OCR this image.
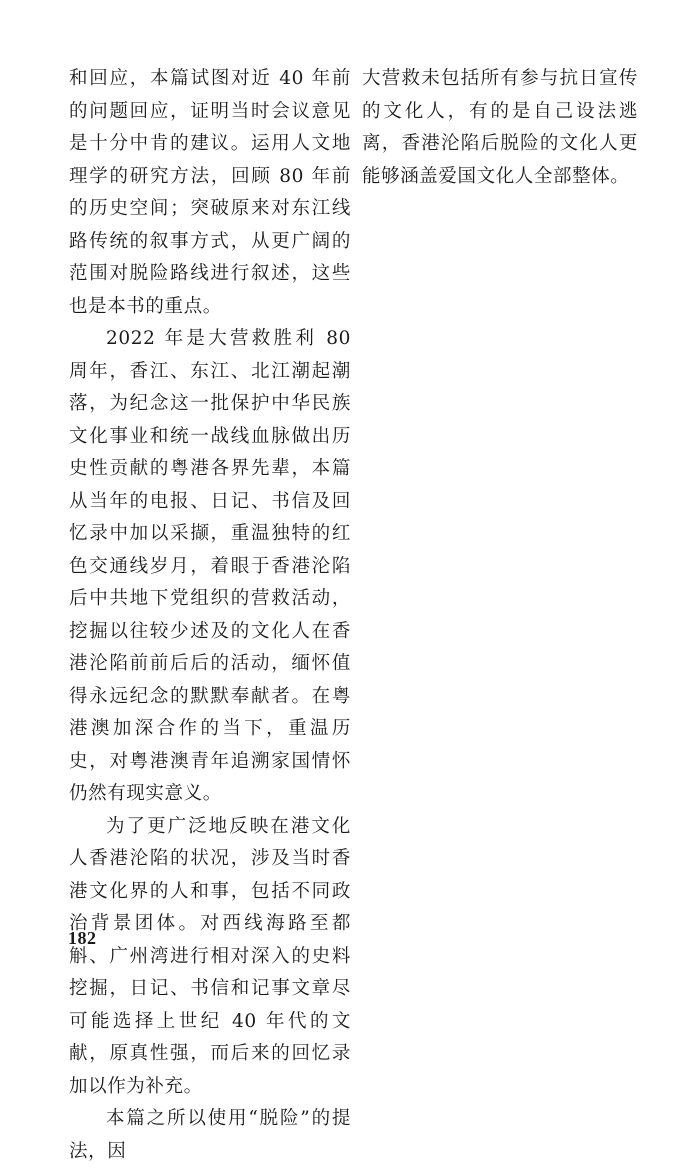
和回应，本篇试图对近 40 年前的问题回应，证明当时会议意见是十分中肯的建议。运用人文地理学的研究方法，回顾 80 年前的历史空间；突破原来对东江线路传统的叙事方式，从更广阔的范围对脱险路线进行叙述，这些也是本书的重点。

2022 年是大营救胜利 80 周年，香江、东江、北江潮起潮落，为纪念这一批保护中华民族文化事业和统一战线血脉做出历史性贡献的粤港各界先辈，本篇从当年的电报、日记、书信及回忆录中加以采撷，重温独特的红色交通线岁月，着眼于香港沦陷后中共地下党组织的营救活动，挖掘以往较少述及的文化人在香港沦陷前前后后的活动，缅怀值得永远纪念的默默奉献者。在粤港澳加深合作的当下，重温历史，对粤港澳青年追溯家国情怀仍然有现实意义。

为了更广泛地反映在港文化人香港沦陷的状况，涉及当时香港文化界的人和事，包括不同政治背景团体。对西线海路至都斛、广州湾进行相对深入的史料挖掘，日记、书信和记事文章尽可能选择上世纪 40 年代的文献，原真性强，而后来的回忆录加以作为补充。

本篇之所以使用“脱险”的提法，因

大营救未包括所有参与抗日宣传的文化人，有的是自己设法逃离，香港沦陷后脱险的文化人更能够涵盖爱国文化人全部整体。

182
